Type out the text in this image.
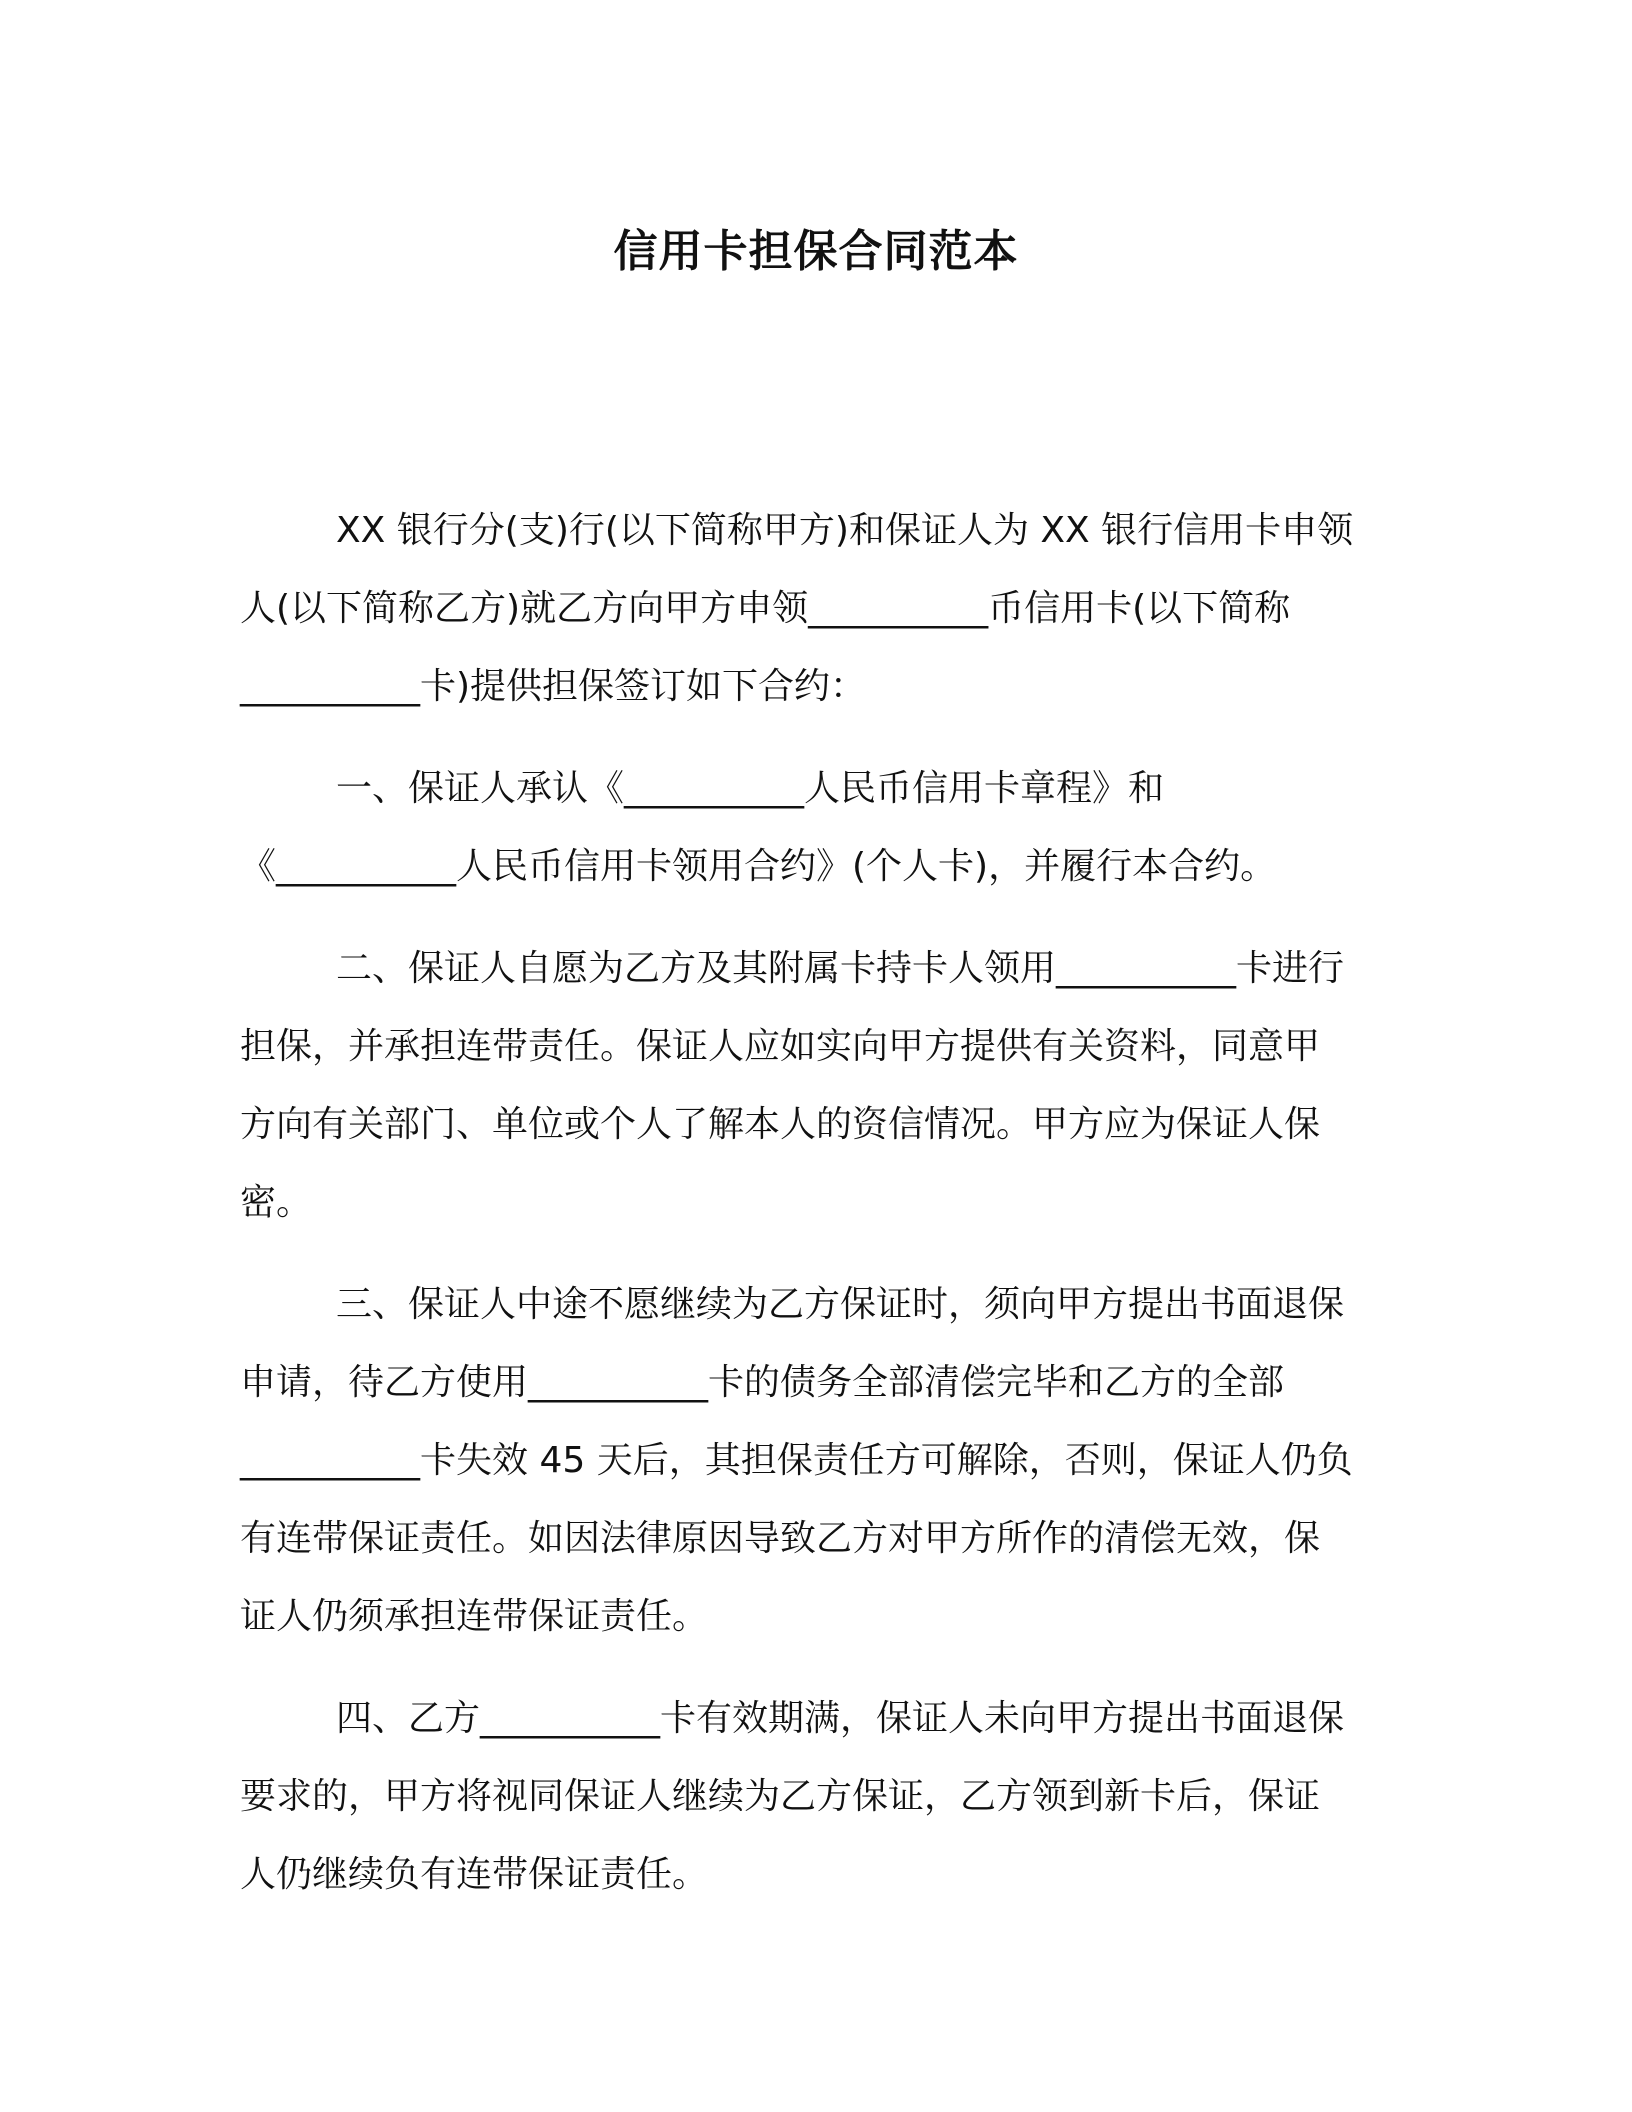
信用卡担保合同范本
XX 银行分(支)行(以下简称甲方)和保证人为 XX 银行信用卡申领
人(以下简称乙方)就乙方向甲方申领__________币信用卡(以下简称
__________卡)提供担保签订如下合约：
一、保证人承认《__________人民币信用卡章程》和
《__________人民币信用卡领用合约》(个人卡)，并履行本合约。
二、保证人自愿为乙方及其附属卡持卡人领用__________卡进行
担保，并承担连带责任。保证人应如实向甲方提供有关资料，同意甲
方向有关部门、单位或个人了解本人的资信情况。甲方应为保证人保
密。
三、保证人中途不愿继续为乙方保证时，须向甲方提出书面退保
申请，待乙方使用__________卡的债务全部清偿完毕和乙方的全部
__________卡失效 45 天后，其担保责任方可解除，否则，保证人仍负
有连带保证责任。如因法律原因导致乙方对甲方所作的清偿无效，保
证人仍须承担连带保证责任。
四、乙方__________卡有效期满，保证人未向甲方提出书面退保
要求的，甲方将视同保证人继续为乙方保证，乙方领到新卡后，保证
人仍继续负有连带保证责任。
